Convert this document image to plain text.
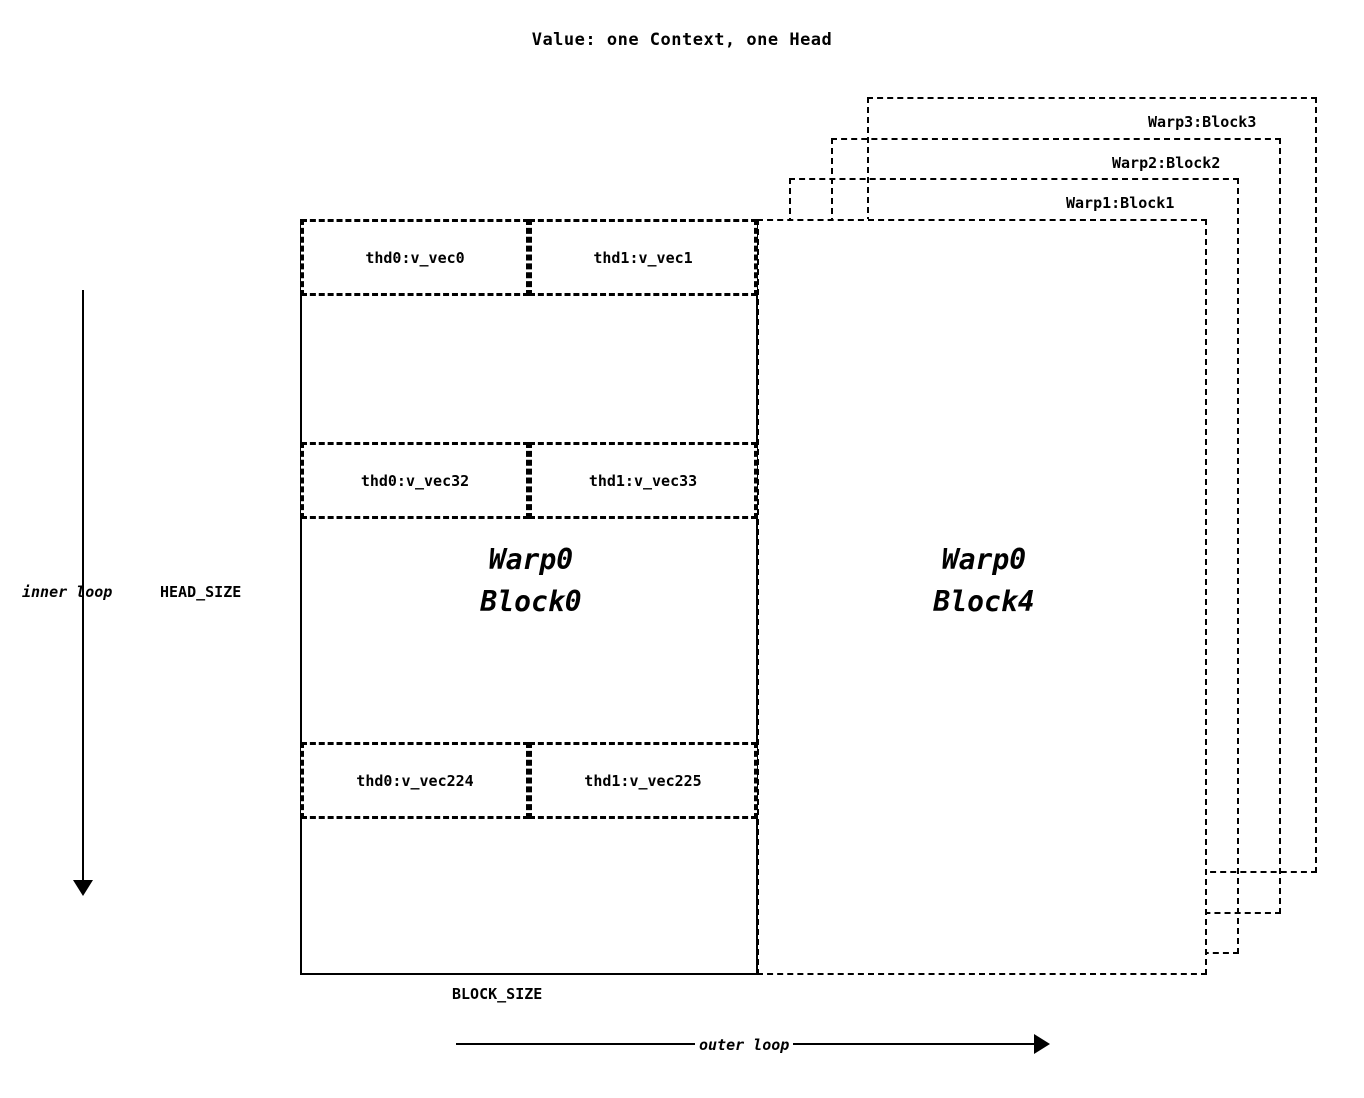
Value: one Context, one Head
Warp3:Block3
Warp2:Block2
Warp1:Block1
Warp0
Block4
Warp0
Block0
thd0:v_vec0	thd1:v_vec1
thd0:v_vec32	thd1:v_vec33
thd0:v_vec224	thd1:v_vec225
inner loop	HEAD_SIZE
BLOCK_SIZE
outer loop
